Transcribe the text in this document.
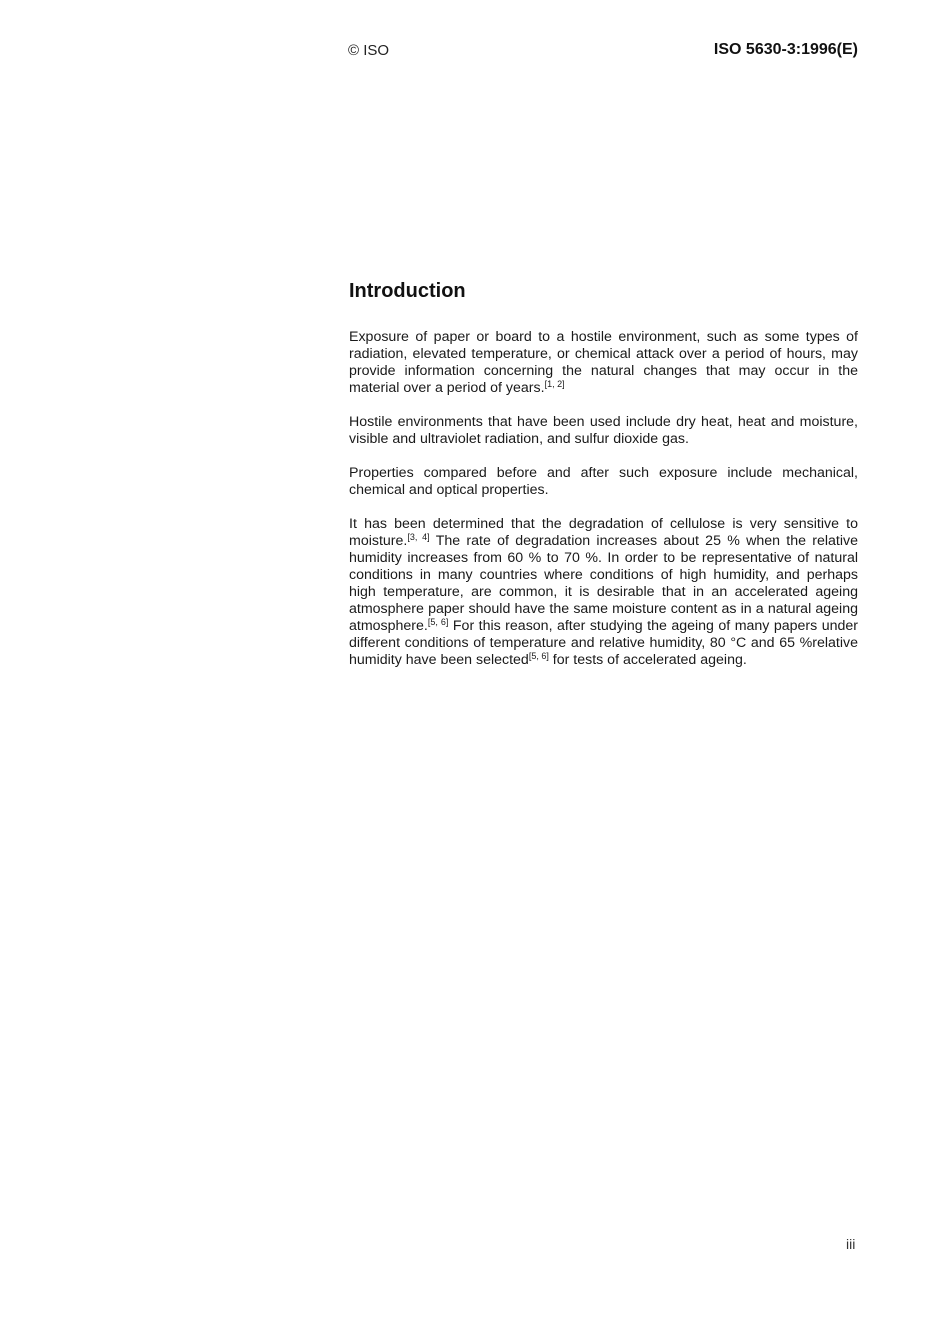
© ISO	ISO 5630-3:1996(E)
Introduction

Exposure of paper or board to a hostile environment, such as some types of radiation, elevated temperature, or chemical attack over a period of hours, may provide information concerning the natural changes that may occur in the material over a period of years.[1, 2]

Hostile environments that have been used include dry heat, heat and moisture, visible and ultraviolet radiation, and sulfur dioxide gas.

Properties compared before and after such exposure include mechanical, chemical and optical properties.

It has been determined that the degradation of cellulose is very sensitive to moisture.[3, 4] The rate of degradation increases about 25 % when the relative humidity increases from 60 % to 70 %. In order to be representative of natural conditions in many countries where conditions of high humidity, and perhaps high temperature, are common, it is desirable that in an accelerated ageing atmosphere paper should have the same moisture content as in a natural ageing atmosphere.[5, 6] For this reason, after studying the ageing of many papers under different conditions of temperature and relative humidity, 80 °C and 65 %relative humidity have been selected[5, 6] for tests of accelerated ageing.

iii
